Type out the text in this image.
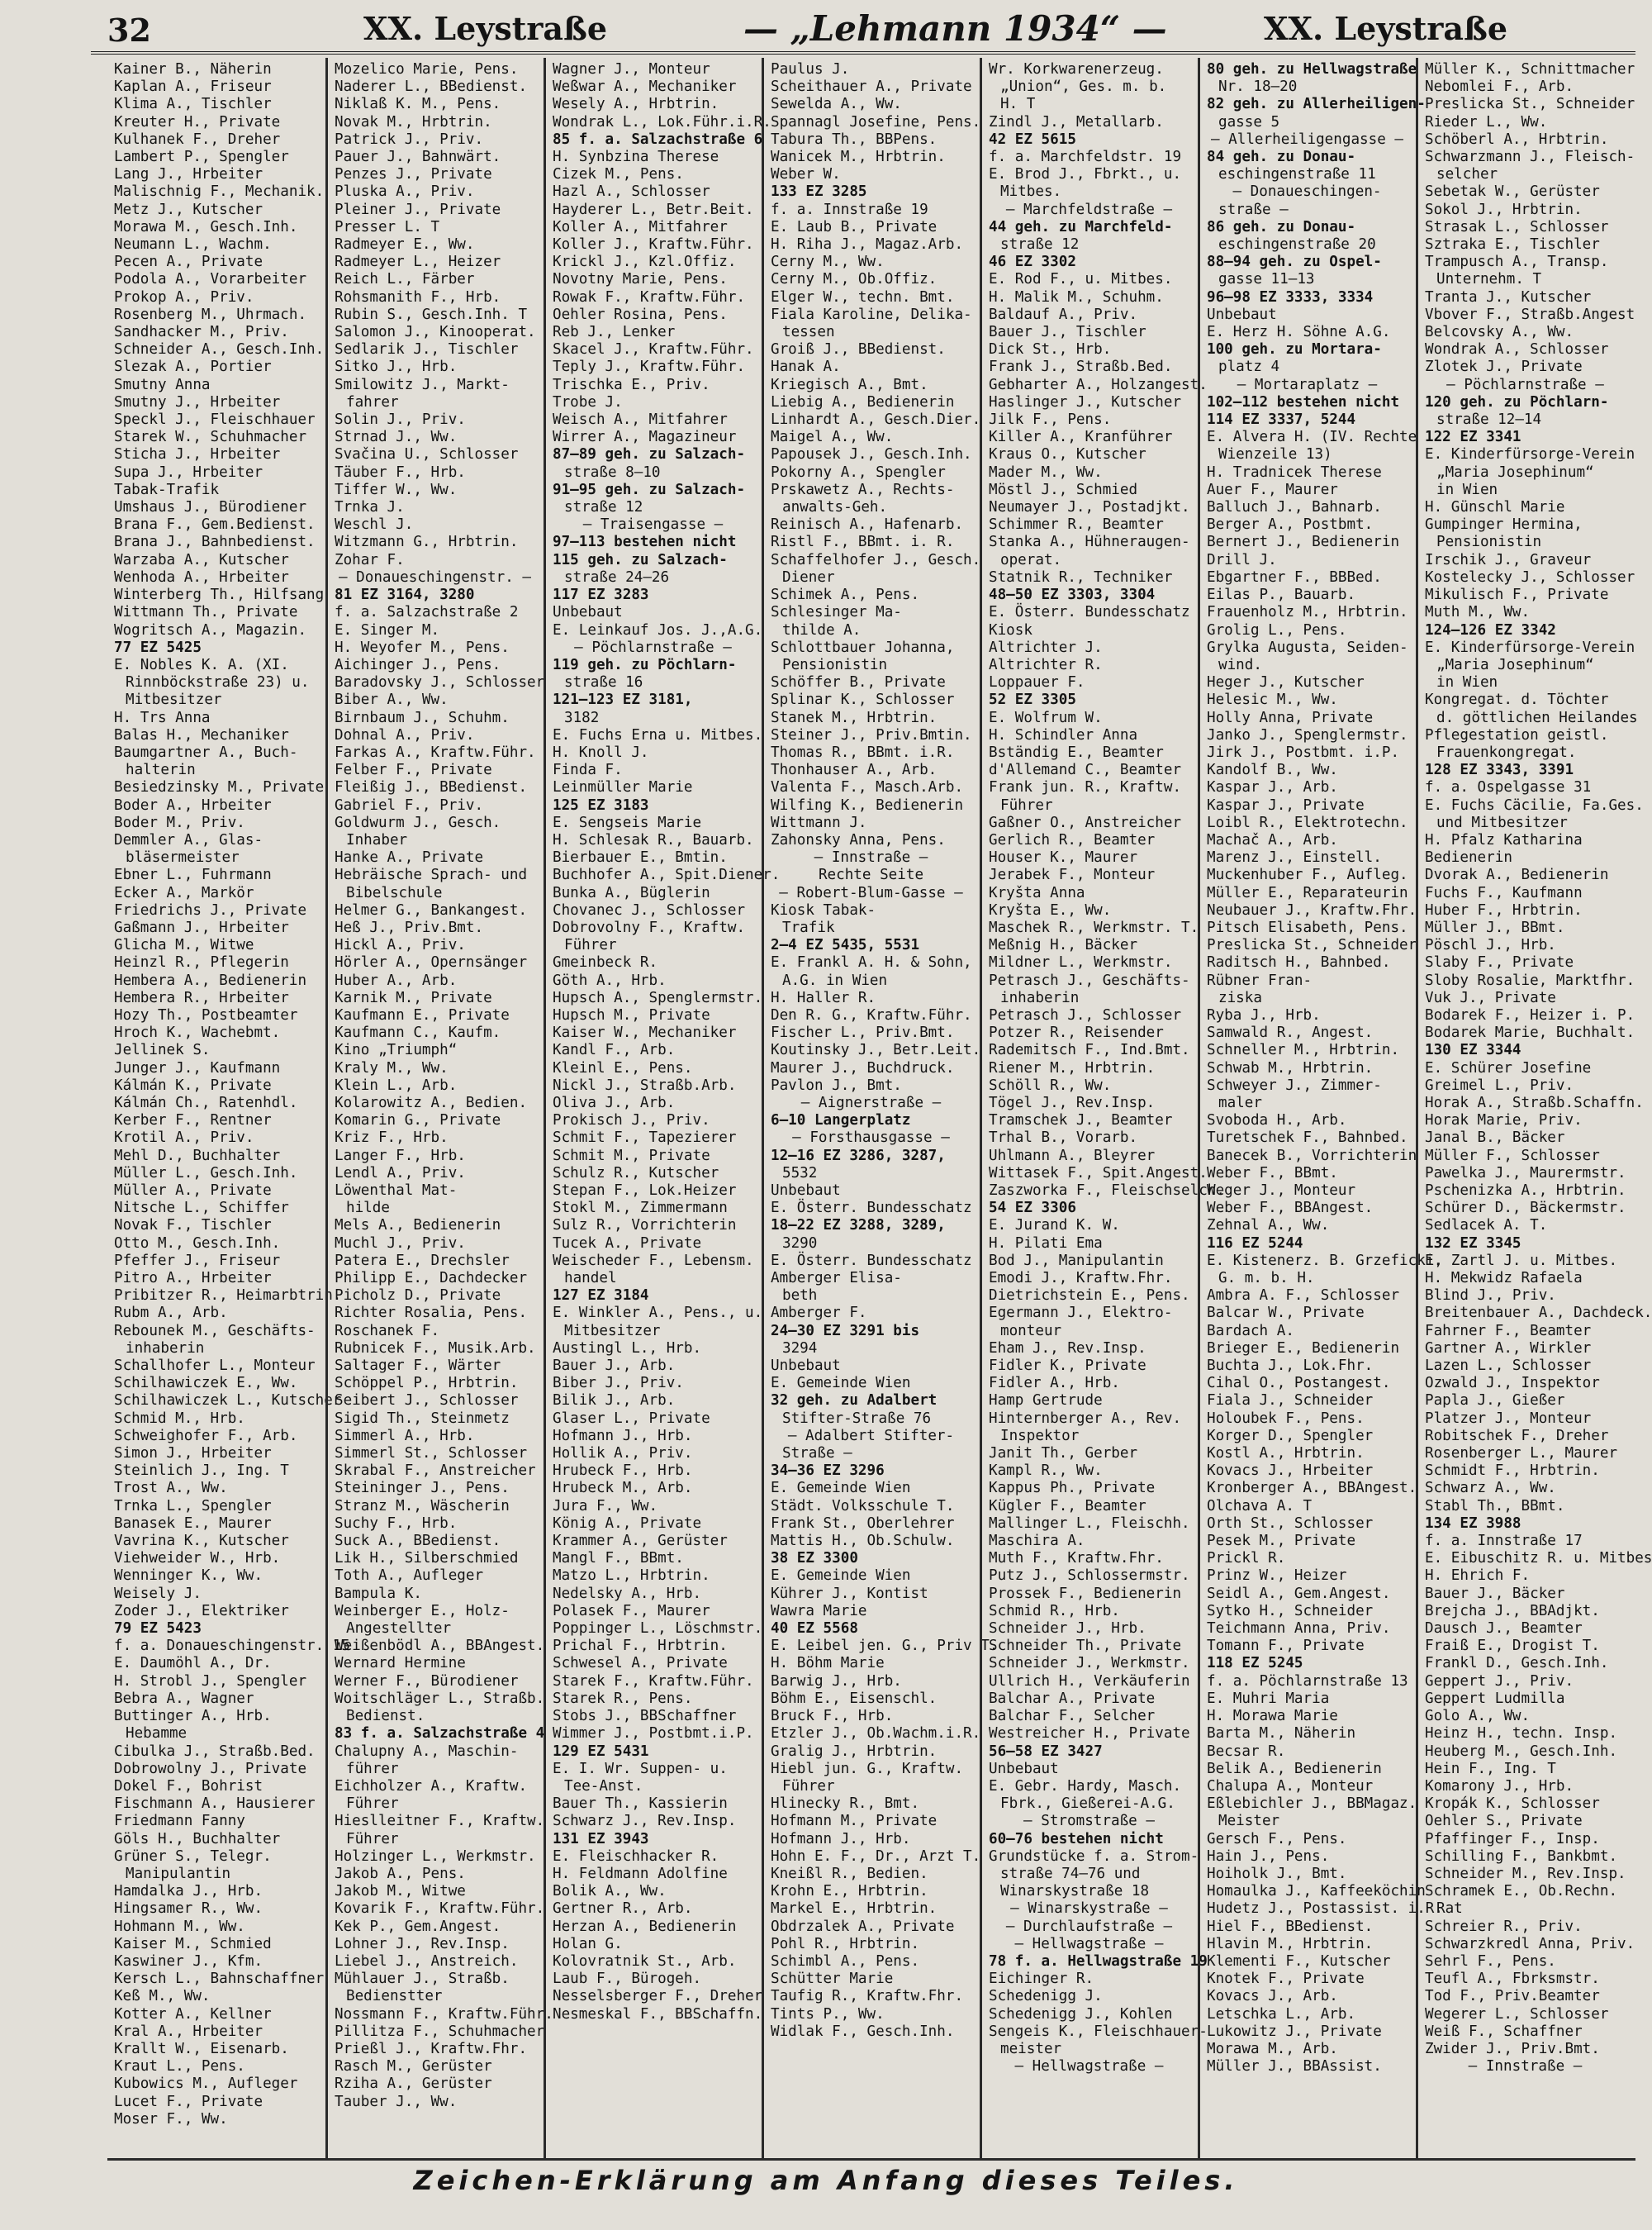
32	XX. Leystraße	— „Lehmann 1934“ —	XX. Leystraße
Kainer B., Näherin
Kaplan A., Friseur
Klima A., Tischler
Kreuter H., Private
Kulhanek F., Dreher
Lambert P., Spengler
Lang J., Hrbeiter
Malischnig F., Mechanik.
Metz J., Kutscher
Morawa M., Gesch.Inh.
Neumann L., Wachm.
Pecen A., Private
Podola A., Vorarbeiter
Prokop A., Priv.
Rosenberg M., Uhrmach.
Sandhacker M., Priv.
Schneider A., Gesch.Inh.
Slezak A., Portier
Smutny Anna
Smutny J., Hrbeiter
Speckl J., Fleischhauer
Starek W., Schuhmacher
Sticha J., Hrbeiter
Supa J., Hrbeiter
Tabak-Trafik
Umshaus J., Bürodiener
Brana F., Gem.Bedienst.
Brana J., Bahnbedienst.
Warzaba A., Kutscher
Wenhoda A., Hrbeiter
Winterberg Th., Hilfsang
Wittmann Th., Private
Wogritsch A., Magazin.
77 EZ 5425
E. Nobles K. A. (XI.
Rinnböckstraße 23) u.
Mitbesitzer
H. Trs Anna
Balas H., Mechaniker
Baumgartner A., Buch-
halterin
Besiedzinsky M., Private
Boder A., Hrbeiter
Boder M., Priv.
Demmler A., Glas-
bläsermeister
Ebner L., Fuhrmann
Ecker A., Markör
Friedrichs J., Private
Gaßmann J., Hrbeiter
Glicha M., Witwe
Heinzl R., Pflegerin
Hembera A., Bedienerin
Hembera R., Hrbeiter
Hozy Th., Postbeamter
Hroch K., Wachebmt.
Jellinek S.
Junger J., Kaufmann
Kálmán K., Private
Kálmán Ch., Ratenhdl.
Kerber F., Rentner
Krotil A., Priv.
Mehl D., Buchhalter
Müller L., Gesch.Inh.
Müller A., Private
Nitsche L., Schiffer
Novak F., Tischler
Otto M., Gesch.Inh.
Pfeffer J., Friseur
Pitro A., Hrbeiter
Pribitzer R., Heimarbtrin.
Rubm A., Arb.
Rebounek M., Geschäfts-
inhaberin
Schallhofer L., Monteur
Schilhawiczek E., Ww.
Schilhawiczek L., Kutscher
Schmid M., Hrb.
Schweighofer F., Arb.
Simon J., Hrbeiter
Steinlich J., Ing. T
Trost A., Ww.
Trnka L., Spengler
Banasek E., Maurer
Vavrina K., Kutscher
Viehweider W., Hrb.
Wenninger K., Ww.
Weisely J.
Zoder J., Elektriker
79 EZ 5423
f. a. Donaueschingenstr. 15
E. Daumöhl A., Dr.
H. Strobl J., Spengler
Bebra A., Wagner
Buttinger A., Hrb.
Hebamme
Cibulka J., Straßb.Bed.
Dobrowolny J., Private
Dokel F., Bohrist
Fischmann A., Hausierer
Friedmann Fanny
Göls H., Buchhalter
Grüner S., Telegr.
Manipulantin
Hamdalka J., Hrb.
Hingsamer R., Ww.
Hohmann M., Ww.
Kaiser M., Schmied
Kaswiner J., Kfm.
Kersch L., Bahnschaffner
Keß M., Ww.
Kotter A., Kellner
Kral A., Hrbeiter
Krallt W., Eisenarb.
Kraut L., Pens.
Kubowics M., Aufleger
Lucet F., Private
Moser F., Ww.
Mozelico Marie, Pens.
Naderer L., BBedienst.
Niklaß K. M., Pens.
Novak M., Hrbtrin.
Patrick J., Priv.
Pauer J., Bahnwärt.
Penzes J., Private
Pluska A., Priv.
Pleiner J., Private
Presser L. T
Radmeyer E., Ww.
Radmeyer L., Heizer
Reich L., Färber
Rohsmanith F., Hrb.
Rubin S., Gesch.Inh. T
Salomon J., Kinooperat.
Sedlarik J., Tischler
Sitko J., Hrb.
Smilowitz J., Markt-
fahrer
Solin J., Priv.
Strnad J., Ww.
Svačina U., Schlosser
Täuber F., Hrb.
Tiffer W., Ww.
Trnka J.
Weschl J.
Witzmann G., Hrbtrin.
Zohar F.
— Donaueschingenstr. —
81 EZ 3164, 3280
f. a. Salzachstraße 2
E. Singer M.
H. Weyofer M., Pens.
Aichinger J., Pens.
Baradovsky J., Schlosser
Biber A., Ww.
Birnbaum J., Schuhm.
Dohnal A., Priv.
Farkas A., Kraftw.Führ.
Felber F., Private
Fleißig J., BBedienst.
Gabriel F., Priv.
Goldwurm J., Gesch.
Inhaber
Hanke A., Private
Hebräische Sprach- und
Bibelschule
Helmer G., Bankangest.
Heß J., Priv.Bmt.
Hickl A., Priv.
Hörler A., Opernsänger
Huber A., Arb.
Karnik M., Private
Kaufmann E., Private
Kaufmann C., Kaufm.
Kino „Triumph“
Kraly M., Ww.
Klein L., Arb.
Kolarowitz A., Bedien.
Komarin G., Private
Kriz F., Hrb.
Langer F., Hrb.
Lendl A., Priv.
Löwenthal Mat-
hilde
Mels A., Bedienerin
Muchl J., Priv.
Patera E., Drechsler
Philipp E., Dachdecker
Picholz D., Private
Richter Rosalia, Pens.
Roschanek F.
Rubnicek F., Musik.Arb.
Saltager F., Wärter
Schöppel P., Hrbtrin.
Seibert J., Schlosser
Sigid Th., Steinmetz
Simmerl A., Hrb.
Simmerl St., Schlosser
Skrabal F., Anstreicher
Steininger J., Pens.
Stranz M., Wäscherin
Suchy F., Hrb.
Suck A., BBedienst.
Lik H., Silberschmied
Toth A., Aufleger
Bampula K.
Weinberger E., Holz-
Angestellter
Weißenbödl A., BBAngest.
Wernard Hermine
Werner F., Bürodiener
Woitschläger L., Straßb.
Bedienst.
83 f. a. Salzachstraße 4
Chalupny A., Maschin-
führer
Eichholzer A., Kraftw.
Führer
Hieslleitner F., Kraftw.
Führer
Holzinger L., Werkmstr.
Jakob A., Pens.
Jakob M., Witwe
Kovarik F., Kraftw.Führ.
Kek P., Gem.Angest.
Lohner J., Rev.Insp.
Liebel J., Anstreich.
Mühlauer J., Straßb.
Bedienstter
Nossmann F., Kraftw.Führ.
Pillitza F., Schuhmacher
Prießl J., Kraftw.Fhr.
Rasch M., Gerüster
Rziha A., Gerüster
Tauber J., Ww.
Wagner J., Monteur
Weßwar A., Mechaniker
Wesely A., Hrbtrin.
Wondrak L., Lok.Führ.i.R.
85 f. a. Salzachstraße 6
H. Synbzina Therese
Cizek M., Pens.
Hazl A., Schlosser
Hayderer L., Betr.Beit.
Koller A., Mitfahrer
Koller J., Kraftw.Führ.
Krickl J., Kzl.Offiz.
Novotny Marie, Pens.
Rowak F., Kraftw.Führ.
Oehler Rosina, Pens.
Reb J., Lenker
Skacel J., Kraftw.Führ.
Teply J., Kraftw.Führ.
Trischka E., Priv.
Trobe J.
Weisch A., Mitfahrer
Wirrer A., Magazineur
87–89 geh. zu Salzach-
straße 8–10
91–95 geh. zu Salzach-
straße 12
— Traisengasse —
97–113 bestehen nicht
115 geh. zu Salzach-
straße 24–26
117 EZ 3283
Unbebaut
E. Leinkauf Jos. J.,A.G.
— Pöchlarnstraße —
119 geh. zu Pöchlarn-
straße 16
121–123 EZ 3181,
3182
E. Fuchs Erna u. Mitbes.
H. Knoll J.
Finda F.
Leinmüller Marie
125 EZ 3183
E. Sengseis Marie
H. Schlesak R., Bauarb.
Bierbauer E., Bmtin.
Buchhofer A., Spit.Diener.
Bunka A., Büglerin
Chovanec J., Schlosser
Dobrovolny F., Kraftw.
Führer
Gmeinbeck R.
Göth A., Hrb.
Hupsch A., Spenglermstr.
Hupsch M., Private
Kaiser W., Mechaniker
Kandl F., Arb.
Kleinl E., Pens.
Nickl J., Straßb.Arb.
Oliva J., Arb.
Prokisch J., Priv.
Schmit F., Tapezierer
Schmit M., Private
Schulz R., Kutscher
Stepan F., Lok.Heizer
Stokl M., Zimmermann
Sulz R., Vorrichterin
Tucek A., Private
Weischeder F., Lebensm.
handel
127 EZ 3184
E. Winkler A., Pens., u.
Mitbesitzer
Austingl L., Hrb.
Bauer J., Arb.
Biber J., Priv.
Bilik J., Arb.
Glaser L., Private
Hofmann J., Hrb.
Hollik A., Priv.
Hrubeck F., Hrb.
Hrubeck M., Arb.
Jura F., Ww.
König A., Private
Krammer A., Gerüster
Mangl F., BBmt.
Matzo L., Hrbtrin.
Nedelsky A., Hrb.
Polasek F., Maurer
Poppinger L., Löschmstr.
Prichal F., Hrbtrin.
Schwesel A., Private
Starek F., Kraftw.Führ.
Starek R., Pens.
Stobs J., BBSchaffner
Wimmer J., Postbmt.i.P.
129 EZ 5431
E. I. Wr. Suppen- u.
Tee-Anst.
Bauer Th., Kassierin
Schwarz J., Rev.Insp.
131 EZ 3943
E. Fleischhacker R.
H. Feldmann Adolfine
Bolik A., Ww.
Gertner R., Arb.
Herzan A., Bedienerin
Holan G.
Kolovratnik St., Arb.
Laub F., Bürogeh.
Nesselsberger F., Dreher
Nesmeskal F., BBSchaffn.
Paulus J.
Scheithauer A., Private
Sewelda A., Ww.
Spannagl Josefine, Pens.
Tabura Th., BBPens.
Wanicek M., Hrbtrin.
Weber W.
133 EZ 3285
f. a. Innstraße 19
E. Laub B., Private
H. Riha J., Magaz.Arb.
Cerny M., Ww.
Cerny M., Ob.Offiz.
Elger W., techn. Bmt.
Fiala Karoline, Delika-
tessen
Groiß J., BBedienst.
Hanak A.
Kriegisch A., Bmt.
Liebig A., Bedienerin
Linhardt A., Gesch.Dier.
Maigel A., Ww.
Papousek J., Gesch.Inh.
Pokorny A., Spengler
Prskawetz A., Rechts-
anwalts-Geh.
Reinisch A., Hafenarb.
Ristl F., BBmt. i. R.
Schaffelhofer J., Gesch.
Diener
Schimek A., Pens.
Schlesinger Ma-
thilde A.
Schlottbauer Johanna,
Pensionistin
Schöffer B., Private
Splinar K., Schlosser
Stanek M., Hrbtrin.
Steiner J., Priv.Bmtin.
Thomas R., BBmt. i.R.
Thonhauser A., Arb.
Valenta F., Masch.Arb.
Wilfing K., Bedienerin
Wittmann J.
Zahonsky Anna, Pens.
— Innstraße —
Rechte Seite
— Robert-Blum-Gasse —
Kiosk Tabak-
Trafik
2–4 EZ 5435, 5531
E. Frankl A. H. & Sohn,
A.G. in Wien
H. Haller R.
Den R. G., Kraftw.Führ.
Fischer L., Priv.Bmt.
Koutinsky J., Betr.Leit.
Maurer J., Buchdruck.
Pavlon J., Bmt.
— Aignerstraße —
6–10 Langerplatz
— Forsthausgasse —
12–16 EZ 3286, 3287,
5532
Unbebaut
E. Österr. Bundesschatz
18–22 EZ 3288, 3289,
3290
E. Österr. Bundesschatz
Amberger Elisa-
beth
Amberger F.
24–30 EZ 3291 bis
3294
Unbebaut
E. Gemeinde Wien
32 geh. zu Adalbert
Stifter-Straße 76
— Adalbert Stifter-
Straße —
34–36 EZ 3296
E. Gemeinde Wien
Städt. Volksschule T.
Frank St., Oberlehrer
Mattis H., Ob.Schulw.
38 EZ 3300
E. Gemeinde Wien
Kührer J., Kontist
Wawra Marie
40 EZ 5568
E. Leibel jen. G., Priv T.
H. Böhm Marie
Barwig J., Hrb.
Böhm E., Eisenschl.
Bruck F., Hrb.
Etzler J., Ob.Wachm.i.R.
Gralig J., Hrbtrin.
Hiebl jun. G., Kraftw.
Führer
Hlinecky R., Bmt.
Hofmann M., Private
Hofmann J., Hrb.
Hohn E. F., Dr., Arzt T.
Kneißl R., Bedien.
Krohn E., Hrbtrin.
Markel E., Hrbtrin.
Obdrzalek A., Private
Pohl R., Hrbtrin.
Schimbl A., Pens.
Schütter Marie
Taufig R., Kraftw.Fhr.
Tints P., Ww.
Widlak F., Gesch.Inh.
Wr. Korkwarenerzeug.
„Union“, Ges. m. b.
H. T
Zindl J., Metallarb.
42 EZ 5615
f. a. Marchfeldstr. 19
E. Brod J., Fbrkt., u.
Mitbes.
— Marchfeldstraße —
44 geh. zu Marchfeld-
straße 12
46 EZ 3302
E. Rod F., u. Mitbes.
H. Malik M., Schuhm.
Baldauf A., Priv.
Bauer J., Tischler
Dick St., Hrb.
Frank J., Straßb.Bed.
Gebharter A., Holzangest.
Haslinger J., Kutscher
Jilk F., Pens.
Killer A., Kranführer
Kraus O., Kutscher
Mader M., Ww.
Möstl J., Schmied
Neumayer J., Postadjkt.
Schimmer R., Beamter
Stanka A., Hühneraugen-
operat.
Statnik R., Techniker
48–50 EZ 3303, 3304
E. Österr. Bundesschatz
Kiosk
Altrichter J.
Altrichter R.
Loppauer F.
52 EZ 3305
E. Wolfrum W.
H. Schindler Anna
Bständig E., Beamter
d'Allemand C., Beamter
Frank jun. R., Kraftw.
Führer
Gaßner O., Anstreicher
Gerlich R., Beamter
Houser K., Maurer
Jerabek F., Monteur
Kryšta Anna
Kryšta E., Ww.
Maschek R., Werkmstr. T.
Meßnig H., Bäcker
Mildner L., Werkmstr.
Petrasch J., Geschäfts-
inhaberin
Petrasch J., Schlosser
Potzer R., Reisender
Rademitsch F., Ind.Bmt.
Riener M., Hrbtrin.
Schöll R., Ww.
Tögel J., Rev.Insp.
Tramschek J., Beamter
Trhal B., Vorarb.
Uhlmann A., Bleyrer
Wittasek F., Spit.Angest.
Zaszworka F., Fleischselch.
54 EZ 3306
E. Jurand K. W.
H. Pilati Ema
Bod J., Manipulantin
Emodi J., Kraftw.Fhr.
Dietrichstein E., Pens.
Egermann J., Elektro-
monteur
Eham J., Rev.Insp.
Fidler K., Private
Fidler A., Hrb.
Hamp Gertrude
Hinternberger A., Rev.
Inspektor
Janit Th., Gerber
Kampl R., Ww.
Kappus Ph., Private
Kügler F., Beamter
Mallinger L., Fleischh.
Maschira A.
Muth F., Kraftw.Fhr.
Putz J., Schlossermstr.
Prossek F., Bedienerin
Schmid R., Hrb.
Schneider J., Hrb.
Schneider Th., Private
Schneider J., Werkmstr.
Ullrich H., Verkäuferin
Balchar A., Private
Balchar F., Selcher
Westreicher H., Private
56–58 EZ 3427
Unbebaut
E. Gebr. Hardy, Masch.
Fbrk., Gießerei-A.G.
— Stromstraße —
60–76 bestehen nicht
Grundstücke f. a. Strom-
straße 74–76 und
Winarskystraße 18
— Winarskystraße —
— Durchlaufstraße —
— Hellwagstraße —
78 f. a. Hellwagstraße 19
Eichinger R.
Schedenigg J.
Schedenigg J., Kohlen
Sengeis K., Fleischhauer-
meister
— Hellwagstraße —
80 geh. zu Hellwagstraße
Nr. 18–20
82 geh. zu Allerheiligen-
gasse 5
— Allerheiligengasse —
84 geh. zu Donau-
eschingenstraße 11
— Donaueschingen-
straße —
86 geh. zu Donau-
eschingenstraße 20
88–94 geh. zu Ospel-
gasse 11–13
96–98 EZ 3333, 3334
Unbebaut
E. Herz H. Söhne A.G.
100 geh. zu Mortara-
platz 4
— Mortaraplatz —
102–112 bestehen nicht
114 EZ 3337, 5244
E. Alvera H. (IV. Rechte
Wienzeile 13)
H. Tradnicek Therese
Auer F., Maurer
Balluch J., Bahnarb.
Berger A., Postbmt.
Bernert J., Bedienerin
Drill J.
Ebgartner F., BBBed.
Eilas P., Bauarb.
Frauenholz M., Hrbtrin.
Grolig L., Pens.
Grylka Augusta, Seiden-
wind.
Heger J., Kutscher
Helesic M., Ww.
Holly Anna, Private
Janko J., Spenglermstr.
Jirk J., Postbmt. i.P.
Kandolf B., Ww.
Kaspar J., Arb.
Kaspar J., Private
Loibl R., Elektrotechn.
Machač A., Arb.
Marenz J., Einstell.
Muckenhuber F., Aufleg.
Müller E., Reparateurin
Neubauer J., Kraftw.Fhr.
Pitsch Elisabeth, Pens.
Preslicka St., Schneider
Raditsch H., Bahnbed.
Rübner Fran-
ziska
Ryba J., Hrb.
Samwald R., Angest.
Schneller M., Hrbtrin.
Schwab M., Hrbtrin.
Schweyer J., Zimmer-
maler
Svoboda H., Arb.
Turetschek F., Bahnbed.
Banecek B., Vorrichterin
Weber F., BBmt.
Weger J., Monteur
Weber F., BBAngest.
Zehnal A., Ww.
116 EZ 5244
E. Kistenerz. B. Grzeficki,
G. m. b. H.
Ambra A. F., Schlosser
Balcar W., Private
Bardach A.
Brieger E., Bedienerin
Buchta J., Lok.Fhr.
Cihal O., Postangest.
Fiala J., Schneider
Holoubek F., Pens.
Korger D., Spengler
Kostl A., Hrbtrin.
Kovacs J., Hrbeiter
Kronberger A., BBAngest.
Olchava A. T
Orth St., Schlosser
Pesek M., Private
Prickl R.
Prinz W., Heizer
Seidl A., Gem.Angest.
Sytko H., Schneider
Teichmann Anna, Priv.
Tomann F., Private
118 EZ 5245
f. a. Pöchlarnstraße 13
E. Muhri Maria
H. Morawa Marie
Barta M., Näherin
Becsar R.
Belik A., Bedienerin
Chalupa A., Monteur
Eßlebichler J., BBMagaz.
Meister
Gersch F., Pens.
Hain J., Pens.
Hoiholk J., Bmt.
Homaulka J., Kaffeeköchin
Hudetz J., Postassist. i.R.
Hiel F., BBedienst.
Hlavin M., Hrbtrin.
Klementi F., Kutscher
Knotek F., Private
Kovacs J., Arb.
Letschka L., Arb.
Lukowitz J., Private
Morawa M., Arb.
Müller J., BBAssist.
Müller K., Schnittmacher
Nebomlei F., Arb.
Preslicka St., Schneider
Rieder L., Ww.
Schöberl A., Hrbtrin.
Schwarzmann J., Fleisch-
selcher
Sebetak W., Gerüster
Sokol J., Hrbtrin.
Strasak L., Schlosser
Sztraka E., Tischler
Trampusch A., Transp.
Unternehm. T
Tranta J., Kutscher
Vbover F., Straßb.Angest
Belcovsky A., Ww.
Wondrak A., Schlosser
Zlotek J., Private
— Pöchlarnstraße —
120 geh. zu Pöchlarn-
straße 12–14
122 EZ 3341
E. Kinderfürsorge-Verein
„Maria Josephinum“
in Wien
H. Günschl Marie
Gumpinger Hermina,
Pensionistin
Irschik J., Graveur
Kostelecky J., Schlosser
Mikulisch F., Private
Muth M., Ww.
124–126 EZ 3342
E. Kinderfürsorge-Verein
„Maria Josephinum“
in Wien
Kongregat. d. Töchter
d. göttlichen Heilandes
Pflegestation geistl.
Frauenkongregat.
128 EZ 3343, 3391
f. a. Ospelgasse 31
E. Fuchs Cäcilie, Fa.Ges.
und Mitbesitzer
H. Pfalz Katharina
Bedienerin
Dvorak A., Bedienerin
Fuchs F., Kaufmann
Huber F., Hrbtrin.
Müller J., BBmt.
Pöschl J., Hrb.
Slaby F., Private
Sloby Rosalie, Marktfhr.
Vuk J., Private
Bodarek F., Heizer i. P.
Bodarek Marie, Buchhalt.
130 EZ 3344
E. Schürer Josefine
Greimel L., Priv.
Horak A., Straßb.Schaffn.
Horak Marie, Priv.
Janal B., Bäcker
Müller F., Schlosser
Pawelka J., Maurermstr.
Pschenizka A., Hrbtrin.
Schürer D., Bäckermstr.
Sedlacek A. T.
132 EZ 3345
E. Zartl J. u. Mitbes.
H. Mekwidz Rafaela
Blind J., Priv.
Breitenbauer A., Dachdeck.
Fahrner F., Beamter
Gartner A., Wirkler
Lazen L., Schlosser
Ozwald J., Inspektor
Papla J., Gießer
Platzer J., Monteur
Robitschek F., Dreher
Rosenberger L., Maurer
Schmidt F., Hrbtrin.
Schwarz A., Ww.
Stabl Th., BBmt.
134 EZ 3988
f. a. Innstraße 17
E. Eibuschitz R. u. Mitbes
H. Ehrich F.
Bauer J., Bäcker
Brejcha J., BBAdjkt.
Dausch J., Beamter
Fraiß E., Drogist T.
Frankl D., Gesch.Inh.
Geppert J., Priv.
Geppert Ludmilla
Golo A., Ww.
Heinz H., techn. Insp.
Heuberg M., Gesch.Inh.
Hein F., Ing. T
Komarony J., Hrb.
Kropák K., Schlosser
Oehler S., Private
Pfaffinger F., Insp.
Schilling F., Bankbmt.
Schneider M., Rev.Insp.
Schramek E., Ob.Rechn.
Rat
Schreier R., Priv.
Schwarzkredl Anna, Priv.
Sehrl F., Pens.
Teufl A., Fbrksmstr.
Tod F., Priv.Beamter
Wegerer L., Schlosser
Weiß F., Schaffner
Zwider J., Priv.Bmt.
— Innstraße —
Zeichen-Erklärung am Anfang dieses Teiles.
